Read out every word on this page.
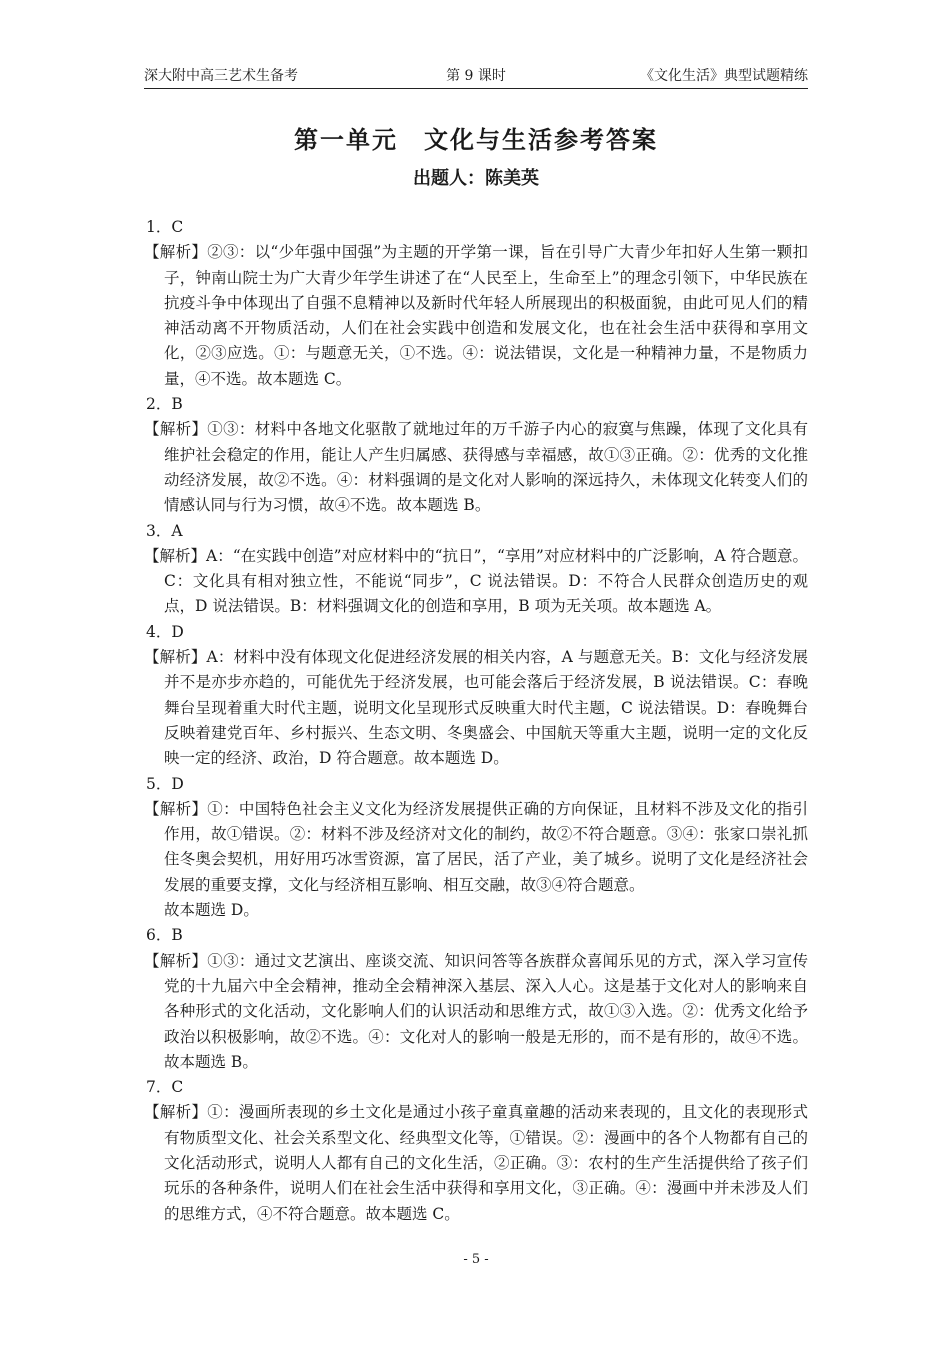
深大附中高三艺术生备考	第 9 课时	《文化生活》典型试题精练
第一单元　文化与生活参考答案
出题人：陈美英

1．C

【解析】②③：以“少年强中国强”为主题的开学第一课，旨在引导广大青少年扣好人生第一颗扣子，钟南山院士为广大青少年学生讲述了在“人民至上，生命至上”的理念引领下，中华民族在抗疫斗争中体现出了自强不息精神以及新时代年轻人所展现出的积极面貌，由此可见人们的精神活动离不开物质活动，人们在社会实践中创造和发展文化，也在社会生活中获得和享用文化，②③应选。①：与题意无关，①不选。④：说法错误，文化是一种精神力量，不是物质力量，④不选。故本题选 C。

2．B

【解析】①③：材料中各地文化驱散了就地过年的万千游子内心的寂寞与焦躁，体现了文化具有维护社会稳定的作用，能让人产生归属感、获得感与幸福感，故①③正确。②：优秀的文化推动经济发展，故②不选。④：材料强调的是文化对人影响的深远持久，未体现文化转变人们的情感认同与行为习惯，故④不选。故本题选 B。

3．A

【解析】A：“在实践中创造”对应材料中的“抗日”，“享用”对应材料中的广泛影响，A 符合题意。C：文化具有相对独立性，不能说“同步”，C 说法错误。D：不符合人民群众创造历史的观点，D 说法错误。B：材料强调文化的创造和享用，B 项为无关项。故本题选 A。

4．D

【解析】A：材料中没有体现文化促进经济发展的相关内容，A 与题意无关。B：文化与经济发展并不是亦步亦趋的，可能优先于经济发展，也可能会落后于经济发展，B 说法错误。C：春晚舞台呈现着重大时代主题，说明文化呈现形式反映重大时代主题，C 说法错误。D：春晚舞台反映着建党百年、乡村振兴、生态文明、冬奥盛会、中国航天等重大主题，说明一定的文化反映一定的经济、政治，D 符合题意。故本题选 D。

5．D

【解析】①：中国特色社会主义文化为经济发展提供正确的方向保证，且材料不涉及文化的指引作用，故①错误。②：材料不涉及经济对文化的制约，故②不符合题意。③④：张家口崇礼抓住冬奥会契机，用好用巧冰雪资源，富了居民，活了产业，美了城乡。说明了文化是经济社会发展的重要支撑，文化与经济相互影响、相互交融，故③④符合题意。
故本题选 D。

6．B

【解析】①③：通过文艺演出、座谈交流、知识问答等各族群众喜闻乐见的方式，深入学习宣传党的十九届六中全会精神，推动全会精神深入基层、深入人心。这是基于文化对人的影响来自各种形式的文化活动，文化影响人们的认识活动和思维方式，故①③入选。②：优秀文化给予政治以积极影响，故②不选。④：文化对人的影响一般是无形的，而不是有形的，故④不选。故本题选 B。

7．C

【解析】①：漫画所表现的乡土文化是通过小孩子童真童趣的活动来表现的，且文化的表现形式有物质型文化、社会关系型文化、经典型文化等，①错误。②：漫画中的各个人物都有自己的文化活动形式，说明人人都有自己的文化生活，②正确。③：农村的生产生活提供给了孩子们玩乐的各种条件，说明人们在社会生活中获得和享用文化，③正确。④：漫画中并未涉及人们的思维方式，④不符合题意。故本题选 C。

- 5 -
